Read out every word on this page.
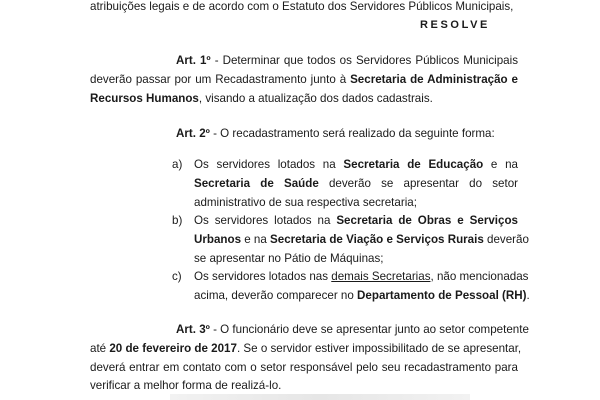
atribuições legais e de acordo com o Estatuto dos Servidores Públicos Municipais,
RESOLVE
Art. 1º - Determinar que todos os Servidores Públicos Municipais
deverão passar por um Recadastramento junto à Secretaria de Administração e
Recursos Humanos, visando a atualização dos dados cadastrais.
Art. 2º - O recadastramento será realizado da seguinte forma:
a) Os servidores lotados na Secretaria de Educação e na
Secretaria de Saúde deverão se apresentar do setor
administrativo de sua respectiva secretaria;
b) Os servidores lotados na Secretaria de Obras e Serviços
Urbanos e na Secretaria de Viação e Serviços Rurais deverão
se apresentar no Pátio de Máquinas;
c) Os servidores lotados nas demais Secretarias, não mencionadas
acima, deverão comparecer no Departamento de Pessoal (RH).
Art. 3º - O funcionário deve se apresentar junto ao setor competente
até 20 de fevereiro de 2017. Se o servidor estiver impossibilitado de se apresentar,
deverá entrar em contato com o setor responsável pelo seu recadastramento para
verificar a melhor forma de realizá-lo.
